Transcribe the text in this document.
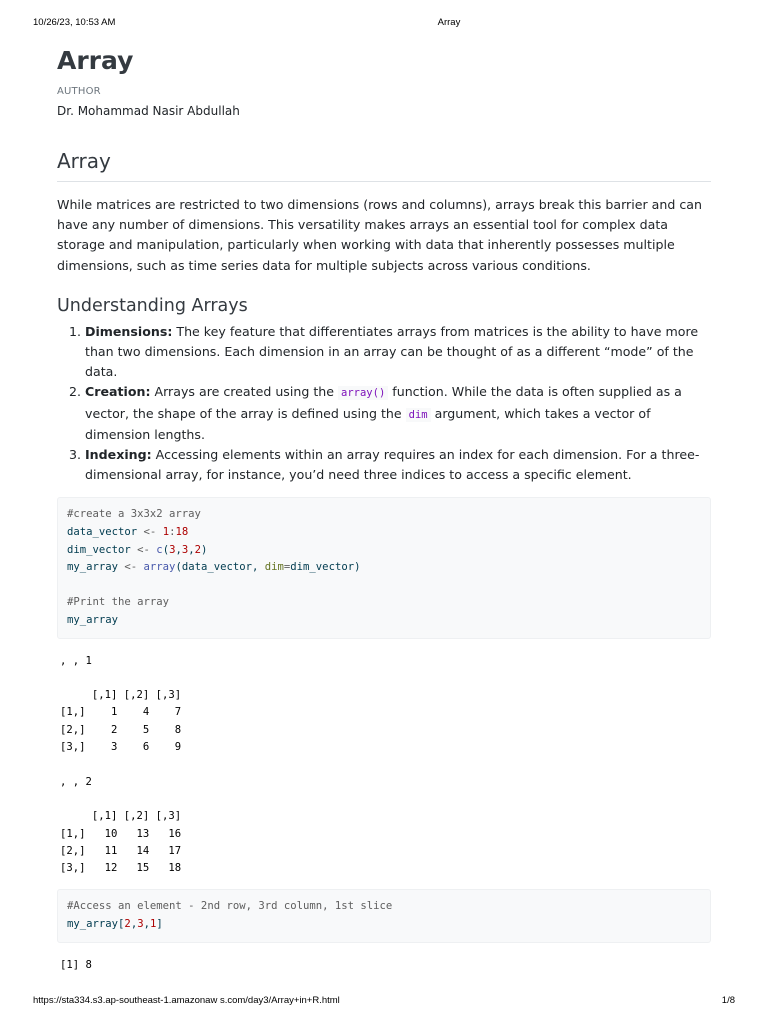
10/26/23, 10:53 AM	Array
Array
AUTHOR
Dr. Mohammad Nasir Abdullah
Array

While matrices are restricted to two dimensions (rows and columns), arrays break this barrier and can have any number of dimensions. This versatility makes arrays an essential tool for complex data storage and manipulation, particularly when working with data that inherently possesses multiple dimensions, such as time series data for multiple subjects across various conditions.

Understanding Arrays
1. Dimensions: The key feature that differentiates arrays from matrices is the ability to have more than two dimensions. Each dimension in an array can be thought of as a different “mode” of the data.
2. Creation: Arrays are created using the array() function. While the data is often supplied as a vector, the shape of the array is defined using the dim argument, which takes a vector of dimension lengths.
3. Indexing: Accessing elements within an array requires an index for each dimension. For a three-dimensional array, for instance, you’d need three indices to access a specific element.
#create a 3x3x2 array
data_vector <- 1:18
dim_vector <- c(3,3,2)
my_array <- array(data_vector, dim=dim_vector)
#Print the array
my_array
, , 1
[,1] [,2] [,3]
[1,]    1    4    7
[2,]    2    5    8
[3,]    3    6    9
, , 2
[,1] [,2] [,3]
[1,]   10   13   16
[2,]   11   14   17
[3,]   12   15   18
#Access an element - 2nd row, 3rd column, 1st slice
my_array[2,3,1]
[1] 8
https://sta334.s3.ap-southeast-1.amazonaw s.com/day3/Array+in+R.html	1/8
